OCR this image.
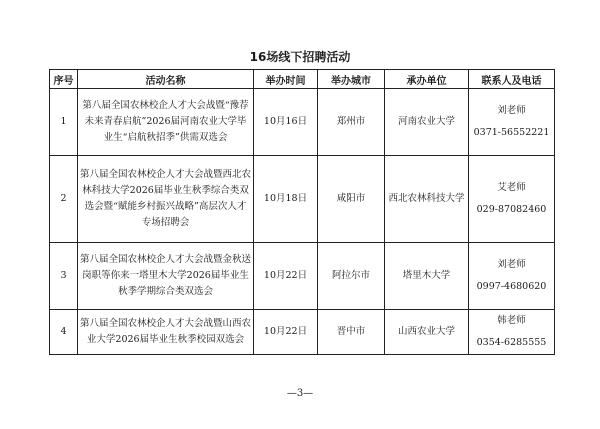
16场线下招聘活动
序号	活动名称	举办时间	举办城市	承办单位	联系人及电话
1	第八届全国农林校企人才大会战暨“豫荐未来青春启航”2026届河南农业大学毕业生“启航秋招季”供需双选会	10月16日	郑州市	河南农业大学	刘老师
0371-56552221

2	第八届全国农林校企人才大会战暨西北农林科技大学2026届毕业生秋季综合类双选会暨“赋能乡村振兴战略”高层次人才专场招聘会	10月18日	咸阳市	西北农林科技大学	艾老师
029-87082460

3	第八届全国农林校企人才大会战暨金秋送岗职等你来一塔里木大学2026届毕业生秋季学期综合类双选会	10月22日	阿拉尔市	塔里木大学	刘老师
0997-4680620

4	第八届全国农林校企人才大会战暨山西农业大学2026届毕业生秋季校园双选会	10月22日	晋中市	山西农业大学	韩老师
0354-6285555
—3—
